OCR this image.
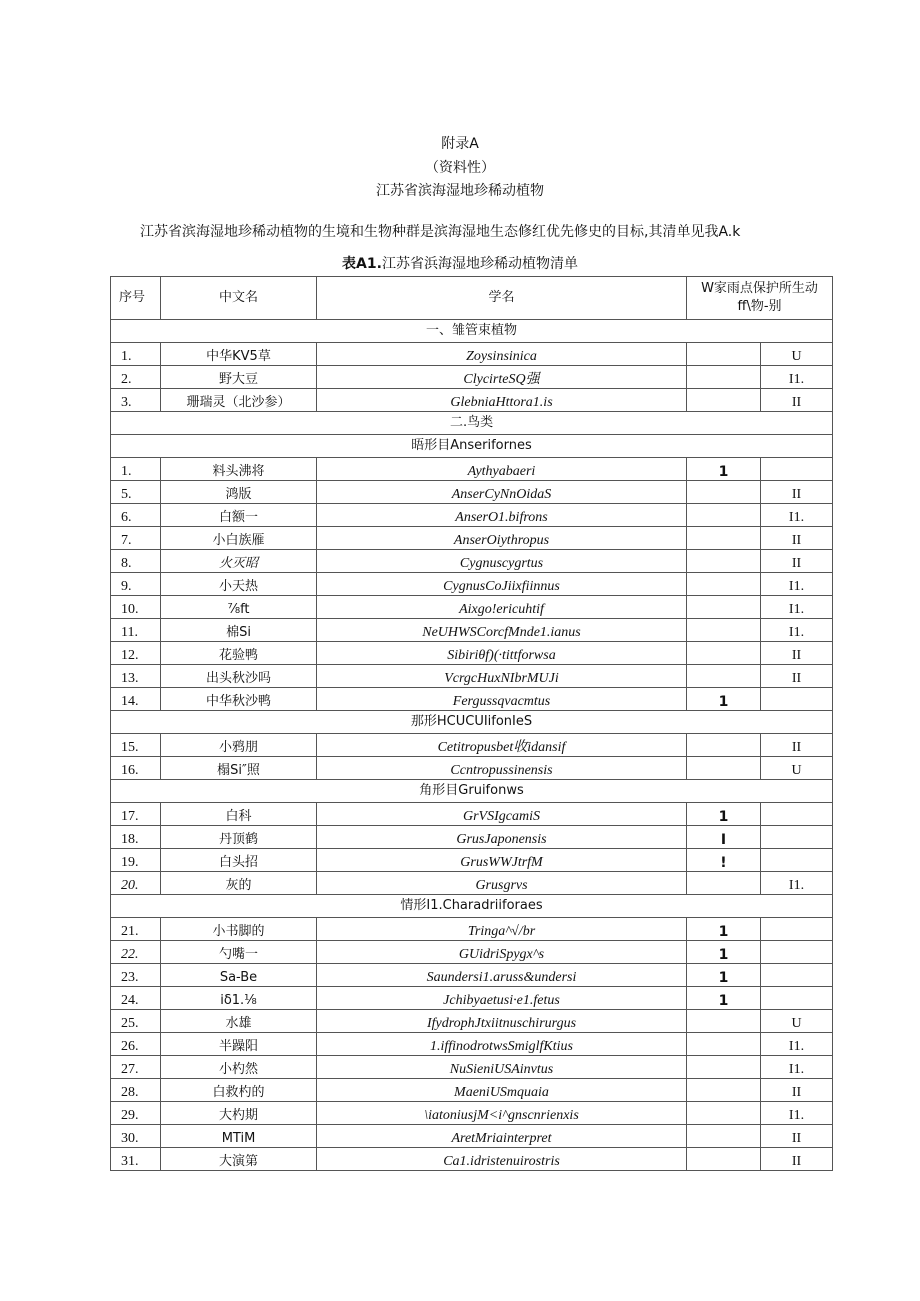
附录A
（资料性）
江苏省滨海湿地珍稀动植物
江苏省滨海湿地珍稀动植物的生境和生物种群是滨海湿地生态修红优先修史的目标,其清单见我A.k
表A1.江苏省浜海湿地珍稀动植物清单
序号	中文名	学名	W家雨点保护所生动
ff\物-别	

一、雏管束植物				
1.	中华KV5草	Zoysinsinica		U
2.	野大豆	ClycirteSQ强		I1.
3.	珊瑞灵（北沙参）	GlebniaHttora1.is		II
二.鸟类				
晤形目Anserifornes				
1.	料头沸将	Aythyabaeri	1	
5.	鸿版	AnserCyNnOidaS		II
6.	白额一	AnserO1.bifrons		I1.
7.	小白族雁	AnserOiythropus		II
8.	火灭昭	Cygnuscygrtus		II
9.	小天热	CygnusCoJiixfiinnus		I1.
10.	⅞ft	Aixgo!ericuhtif		I1.
11.	棉Si	NeUHWSCorcfMnde1.ianus		I1.
12.	花验鸭	Sibiriθf)(∙tittforwsa		II
13.	出头秋沙吗	VcrgcHuxNIbrMUJi		II
14.	中华秋沙鸭	Fergussqvacmtus	1	
那形HCUCUIifonIeS				
15.	小鸦朋	Cetitropusbet收idansif		II
16.	榻Si″照	Ccntropussinensis		U
角形目Gruifonws				
17.	白科	GrVSIgcamiS	1	
18.	丹顶鹤	GrusJaponensis	I	
19.	白头招	GrusWWJtrfM	!	
20.	灰的	Grusgrvs		I1.
情形I1.Charadriiforaes				
21.	小书脚的	Tringa^√/br	1	
22.	勺嘴一	GUidriSpygx^s	1	
23.	Sa-Be	Saundersi1.aruss&undersi	1	
24.	iδ1.⅛	Jchibyaetusi∙e1.fetus	1	
25.	水雄	IfydrophJtxiitnuschirurgus		U
26.	半躁阳	1.iffinodrotwsSmiglfKtius		I1.
27.	小杓然	NuSieniUSAinvtus		I1.
28.	白救杓的	MaeniUSmquaia		II
29.	大杓期	\iatoniusjM<i^gnscnrienxis		I1.
30.	MTiM	AretMriainterpret		II
31.	大演第	Ca1.idristenuirostris		II
